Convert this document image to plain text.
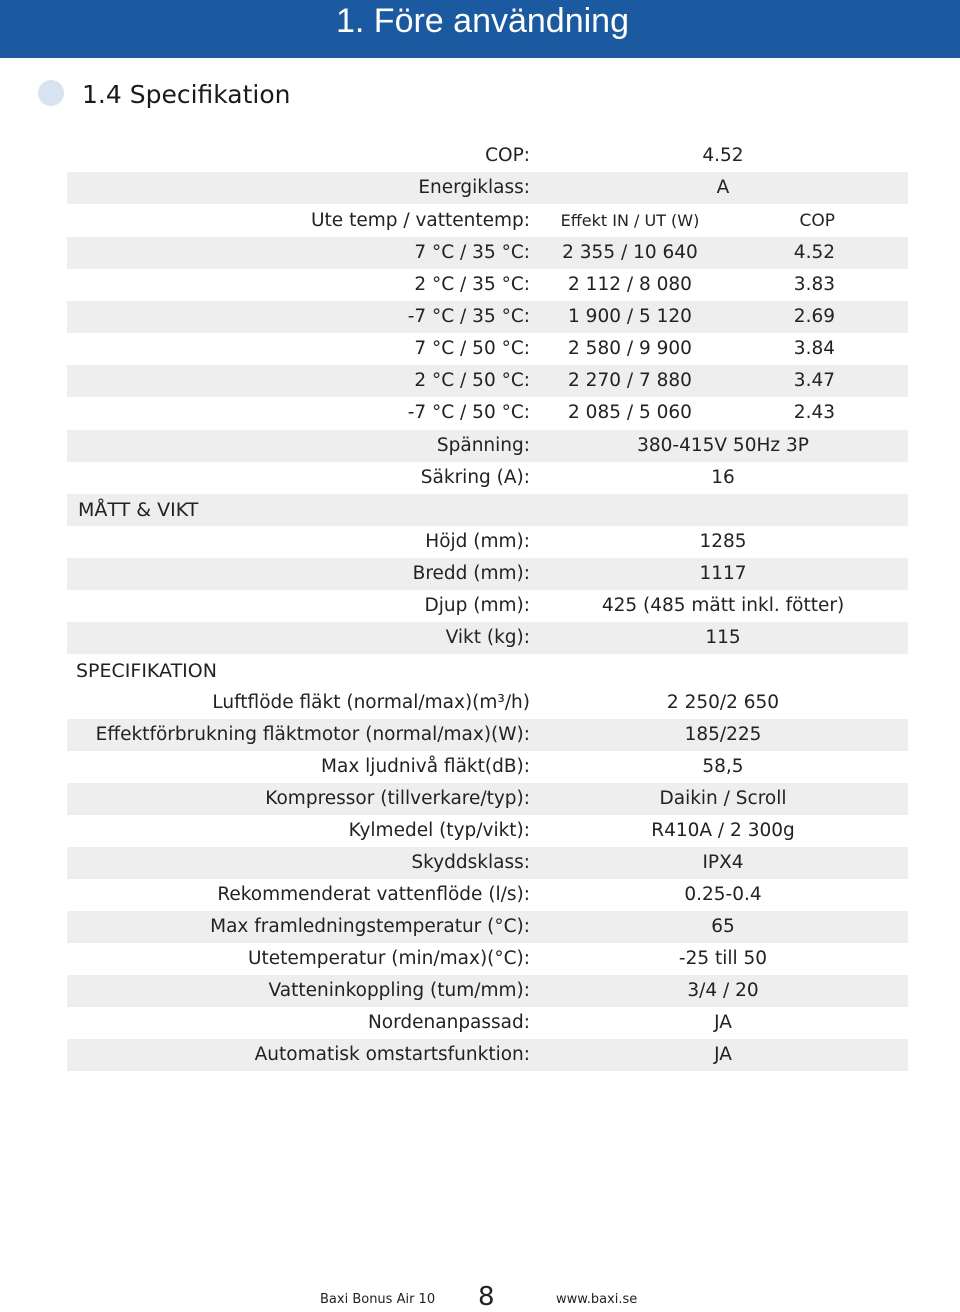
1. Före användning
1.4 Specifikation
COP:	4.52
Energiklass:	A
Ute temp / vattentemp:	Effekt IN / UT (W)	COP
7 °C / 35 °C:	2 355 / 10 640	4.52
2 °C / 35 °C:	2 112 / 8 080	3.83
-7 °C / 35 °C:	1 900 / 5 120	2.69
7 °C / 50 °C:	2 580 / 9 900	3.84
2 °C / 50 °C:	2 270 / 7 880	3.47
-7 °C / 50 °C:	2 085 / 5 060	2.43
Spänning:	380-415V 50Hz 3P
Säkring (A):	16
MÅTT & VIKT
Höjd (mm):	1285
Bredd (mm):	1117
Djup (mm):	425 (485 mätt inkl. fötter)
Vikt (kg):	115
SPECIFIKATION
Luftflöde fläkt (normal/max)(m³/h)	2 250/2 650
Effektförbrukning fläktmotor (normal/max)(W):	185/225
Max ljudnivå fläkt(dB):	58,5
Kompressor (tillverkare/typ):	Daikin / Scroll
Kylmedel (typ/vikt):	R410A / 2 300g
Skyddsklass:	IPX4
Rekommenderat vattenflöde (l/s):	0.25-0.4
Max framledningstemperatur (°C):	65
Utetemperatur (min/max)(°C):	-25 till 50
Vatteninkoppling (tum/mm):	3/4 / 20
Nordenanpassad:	JA
Automatisk omstartsfunktion:	JA
Baxi Bonus Air 10 8	www.baxi.se
